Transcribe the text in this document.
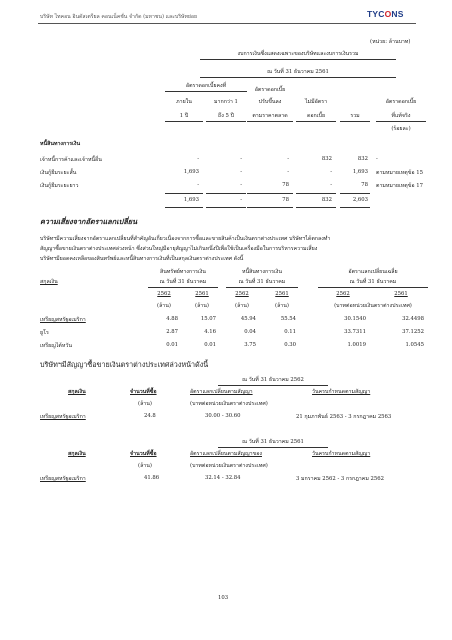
บริษัท ไทคอน อินดัสเตรียล คอนเน็คชั่น จำกัด (มหาชน) และบริษัทย่อย	TYCONS
(หน่วย: ล้านบาท)
งบการเงินซึ่งแสดงเฉพาะของบริษัทและงบการเงินรวม
ณ วันที่ 31 ธันวาคม 2561
อัตราดอกเบี้ยคงที่
อัตราดอกเบี้ย
ภายใน
1 ปี
มากกว่า 1
ถึง 5 ปี
ปรับขึ้นลง
ตามราคาตลาด
ไม่มีอัตรา
ดอกเบี้ย	รวม
อัตราดอกเบี้ย
ที่แท้จริง
(ร้อยละ)
หนี้สินทางการเงิน
เจ้าหนี้การค้าและเจ้าหนี้อื่น	-	-	-	832	832 -
เงินกู้ยืมระยะสั้น	1,693	-	-	-	1,693 ตามหมายเหตุข้อ 15
เงินกู้ยืมระยะยาว	-	-	78	-	78 ตามหมายเหตุข้อ 17
1,693	-	78	832	2,603
ความเสี่ยงจากอัตราแลกเปลี่ยน
บริษัทฯมีความเสี่ยงจากอัตราแลกเปลี่ยนที่สำคัญอันเกี่ยวเนื่องจากการซื้อและขายสินค้าเป็นเงินตราต่างประเทศ บริษัทฯได้ตกลงทำ
สัญญาซื้อขายเงินตราต่างประเทศล่วงหน้า ซึ่งส่วนใหญ่มีอายุสัญญาไม่เกินหนึ่งปีเพื่อใช้เป็นเครื่องมือในการบริหารความเสี่ยง
บริษัทฯมียอดคงเหลือของสินทรัพย์และหนี้สินทางการเงินที่เป็นสกุลเงินตราต่างประเทศ ดังนี้
สินทรัพย์ทางการเงิน	หนี้สินทางการเงิน	อัตราแลกเปลี่ยนเฉลี่ย
สกุลเงิน	ณ วันที่ 31 ธันวาคม	ณ วันที่ 31 ธันวาคม	ณ วันที่ 31 ธันวาคม
2562	2561	2562	2561	2562	2561
(ล้าน)	(ล้าน)	(ล้าน)	(ล้าน)	(บาทต่อหน่วยเงินตราต่างประเทศ)
เหรียญสหรัฐอเมริกา	4.88	15.07	45.94	55.54	30.1540	32.4498
ยูโร	2.87	4.16	0.04	0.11	33.7311	37.1252
เหรียญไต้หวัน	0.01	0.01	3.75	0.30	1.0019	1.0545
บริษัทฯมีสัญญาซื้อขายเงินตราต่างประเทศล่วงหน้าดังนี้
ณ วันที่ 31 ธันวาคม 2562
สกุลเงิน	จำนวนที่ซื้อ	อัตราแลกเปลี่ยนตามสัญญา	วันครบกำหนดตามสัญญา
(ล้าน)	(บาทต่อหน่วยเงินตราต่างประเทศ)
เหรียญสหรัฐอเมริกา	24.8	30.00 - 30.60	21 กุมภาพันธ์ 2563 - 3 กรกฎาคม 2563
ณ วันที่ 31 ธันวาคม 2561
สกุลเงิน	จำนวนที่ซื้อ	อัตราแลกเปลี่ยนตามสัญญาของ	วันครบกำหนดตามสัญญา
(ล้าน)	(บาทต่อหน่วยเงินตราต่างประเทศ)
เหรียญสหรัฐอเมริกา	41.86	32.14 - 32.84	3 มกราคม 2562 - 3 กรกฎาคม 2562
103
